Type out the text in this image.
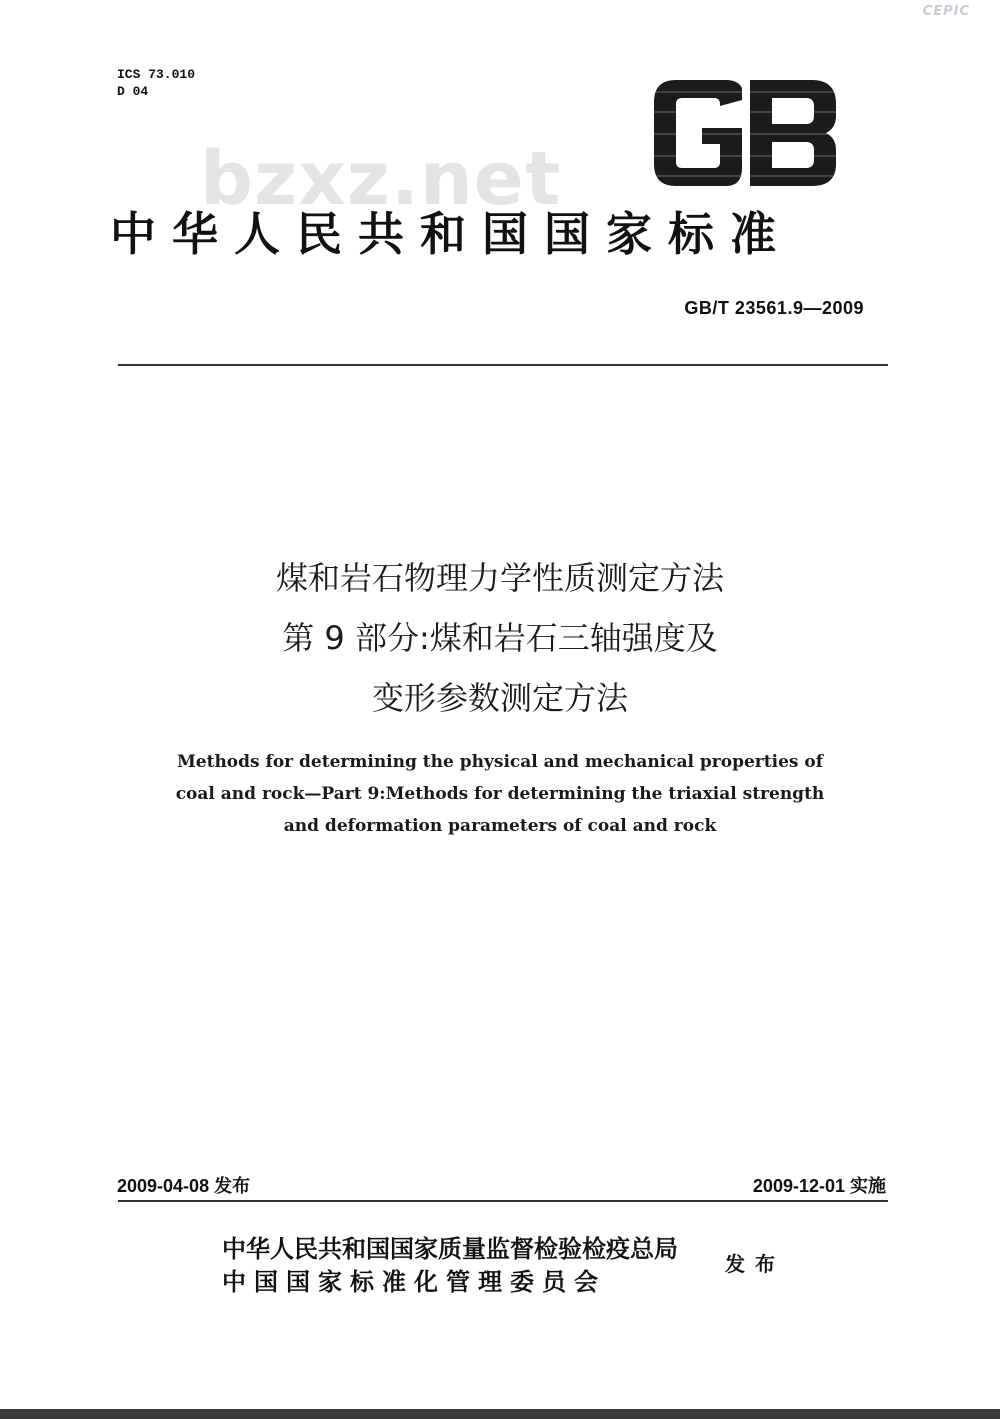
CEPIC
ICS 73.010
D 04
bzxz.net
中华人民共和国国家标准
GB/T 23561.9—2009
煤和岩石物理力学性质测定方法
第 9 部分:煤和岩石三轴强度及
变形参数测定方法
Methods for determining the physical and mechanical properties of
coal and rock—Part 9:Methods for determining the triaxial strength
and deformation parameters of coal and rock
2009-04-08 发布	2009-12-01 实施
中华人民共和国国家质量监督检验检疫总局
中国国家标准化管理委员会
发布
